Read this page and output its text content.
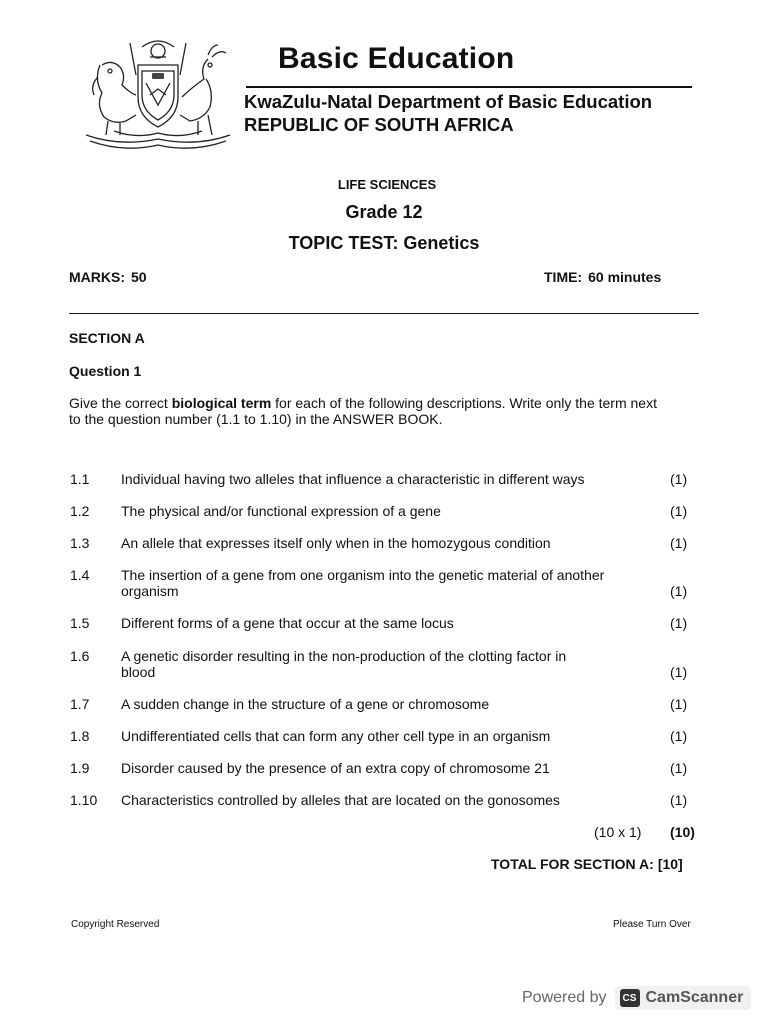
Basic Education
KwaZulu-Natal Department of Basic Education
REPUBLIC OF SOUTH AFRICA
LIFE SCIENCES
Grade 12
TOPIC TEST: Genetics
MARKS: 50	TIME: 60 minutes
SECTION A
Question 1
Give the correct biological term for each of the following descriptions. Write only the term next to the question number (1.1 to 1.10) in the ANSWER BOOK.
1.1 Individual having two alleles that influence a characteristic in different ways	(1)
1.2 The physical and/or functional expression of a gene	(1)
1.3 An allele that expresses itself only when in the homozygous condition	(1)
1.4 The insertion of a gene from one organism into the genetic material of another organism	(1)
1.5 Different forms of a gene that occur at the same locus	(1)
1.6 A genetic disorder resulting in the non-production of the clotting factor in blood	(1)
1.7 A sudden change in the structure of a gene or chromosome	(1)
1.8 Undifferentiated cells that can form any other cell type in an organism	(1)
1.9 Disorder caused by the presence of an extra copy of chromosome 21	(1)
1.10 Characteristics controlled by alleles that are located on the gonosomes	(1)
(10 x 1) (10)
TOTAL FOR SECTION A: [10]
Copyright Reserved	Please Turn Over
Powered by	CS CamScanner
